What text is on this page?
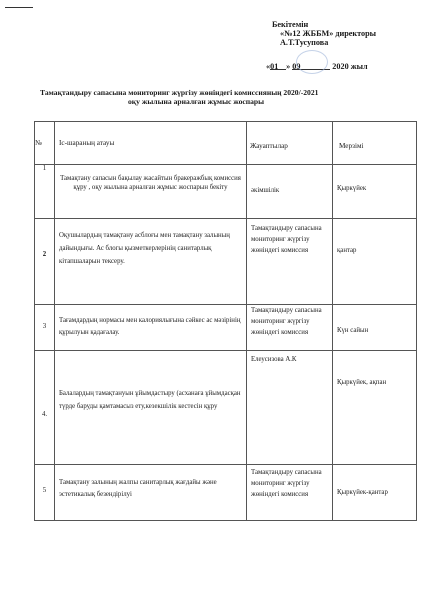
Бекітемін
«№12 ЖББМ» директоры
А.Т.Тусупова
«01 » 09	2020 жыл
Тамақтандыру сапасына мониторинг жүргізу жөніндегі комиссияның 2020/-2021
оқу жылына арналған жұмыс жоспары
№	Іс-шараның атауы	Жауаптылар	Мерзімі
1	Тамақтану сапасын бақылау жасайтын бракеражбық комиссия құру , оқу жылына арналған жұмыс жоспарын бекіту	әкімшілік	Қыркүйек

2	Оқушылардың тамақтану асблоғы мен тамақтану залының дайындығы. Ас блогы қызметкерлерінің санитарлық кітапшаларын тексеру.	Тамақтандыру сапасына мониторинг жүргізу жөніндегі комиссия	қантар

3	Тағамдардың нормасы мен калориялығына сәйкес ас мәзірінің құрылуын қадағалау.	Тамақтандыру сапасына мониторинг жүргізу жөніндегі комиссия	Күн сайын

4.	Балалардың тамақтануын ұйымдастыру (асханаға ұйымдасқан түрде баруды қамтамасыз ету,кезекшілік кестесін құру	Елеусизова А.К	Қыркүйек, ақпан

5	Тамақтану залының жалпы санитарлық жағдайы және эстетикалық безендірілуі	Тамақтандыру сапасына мониторинг жүргізу жөніндегі комиссия	Қыркүйек-қантар
